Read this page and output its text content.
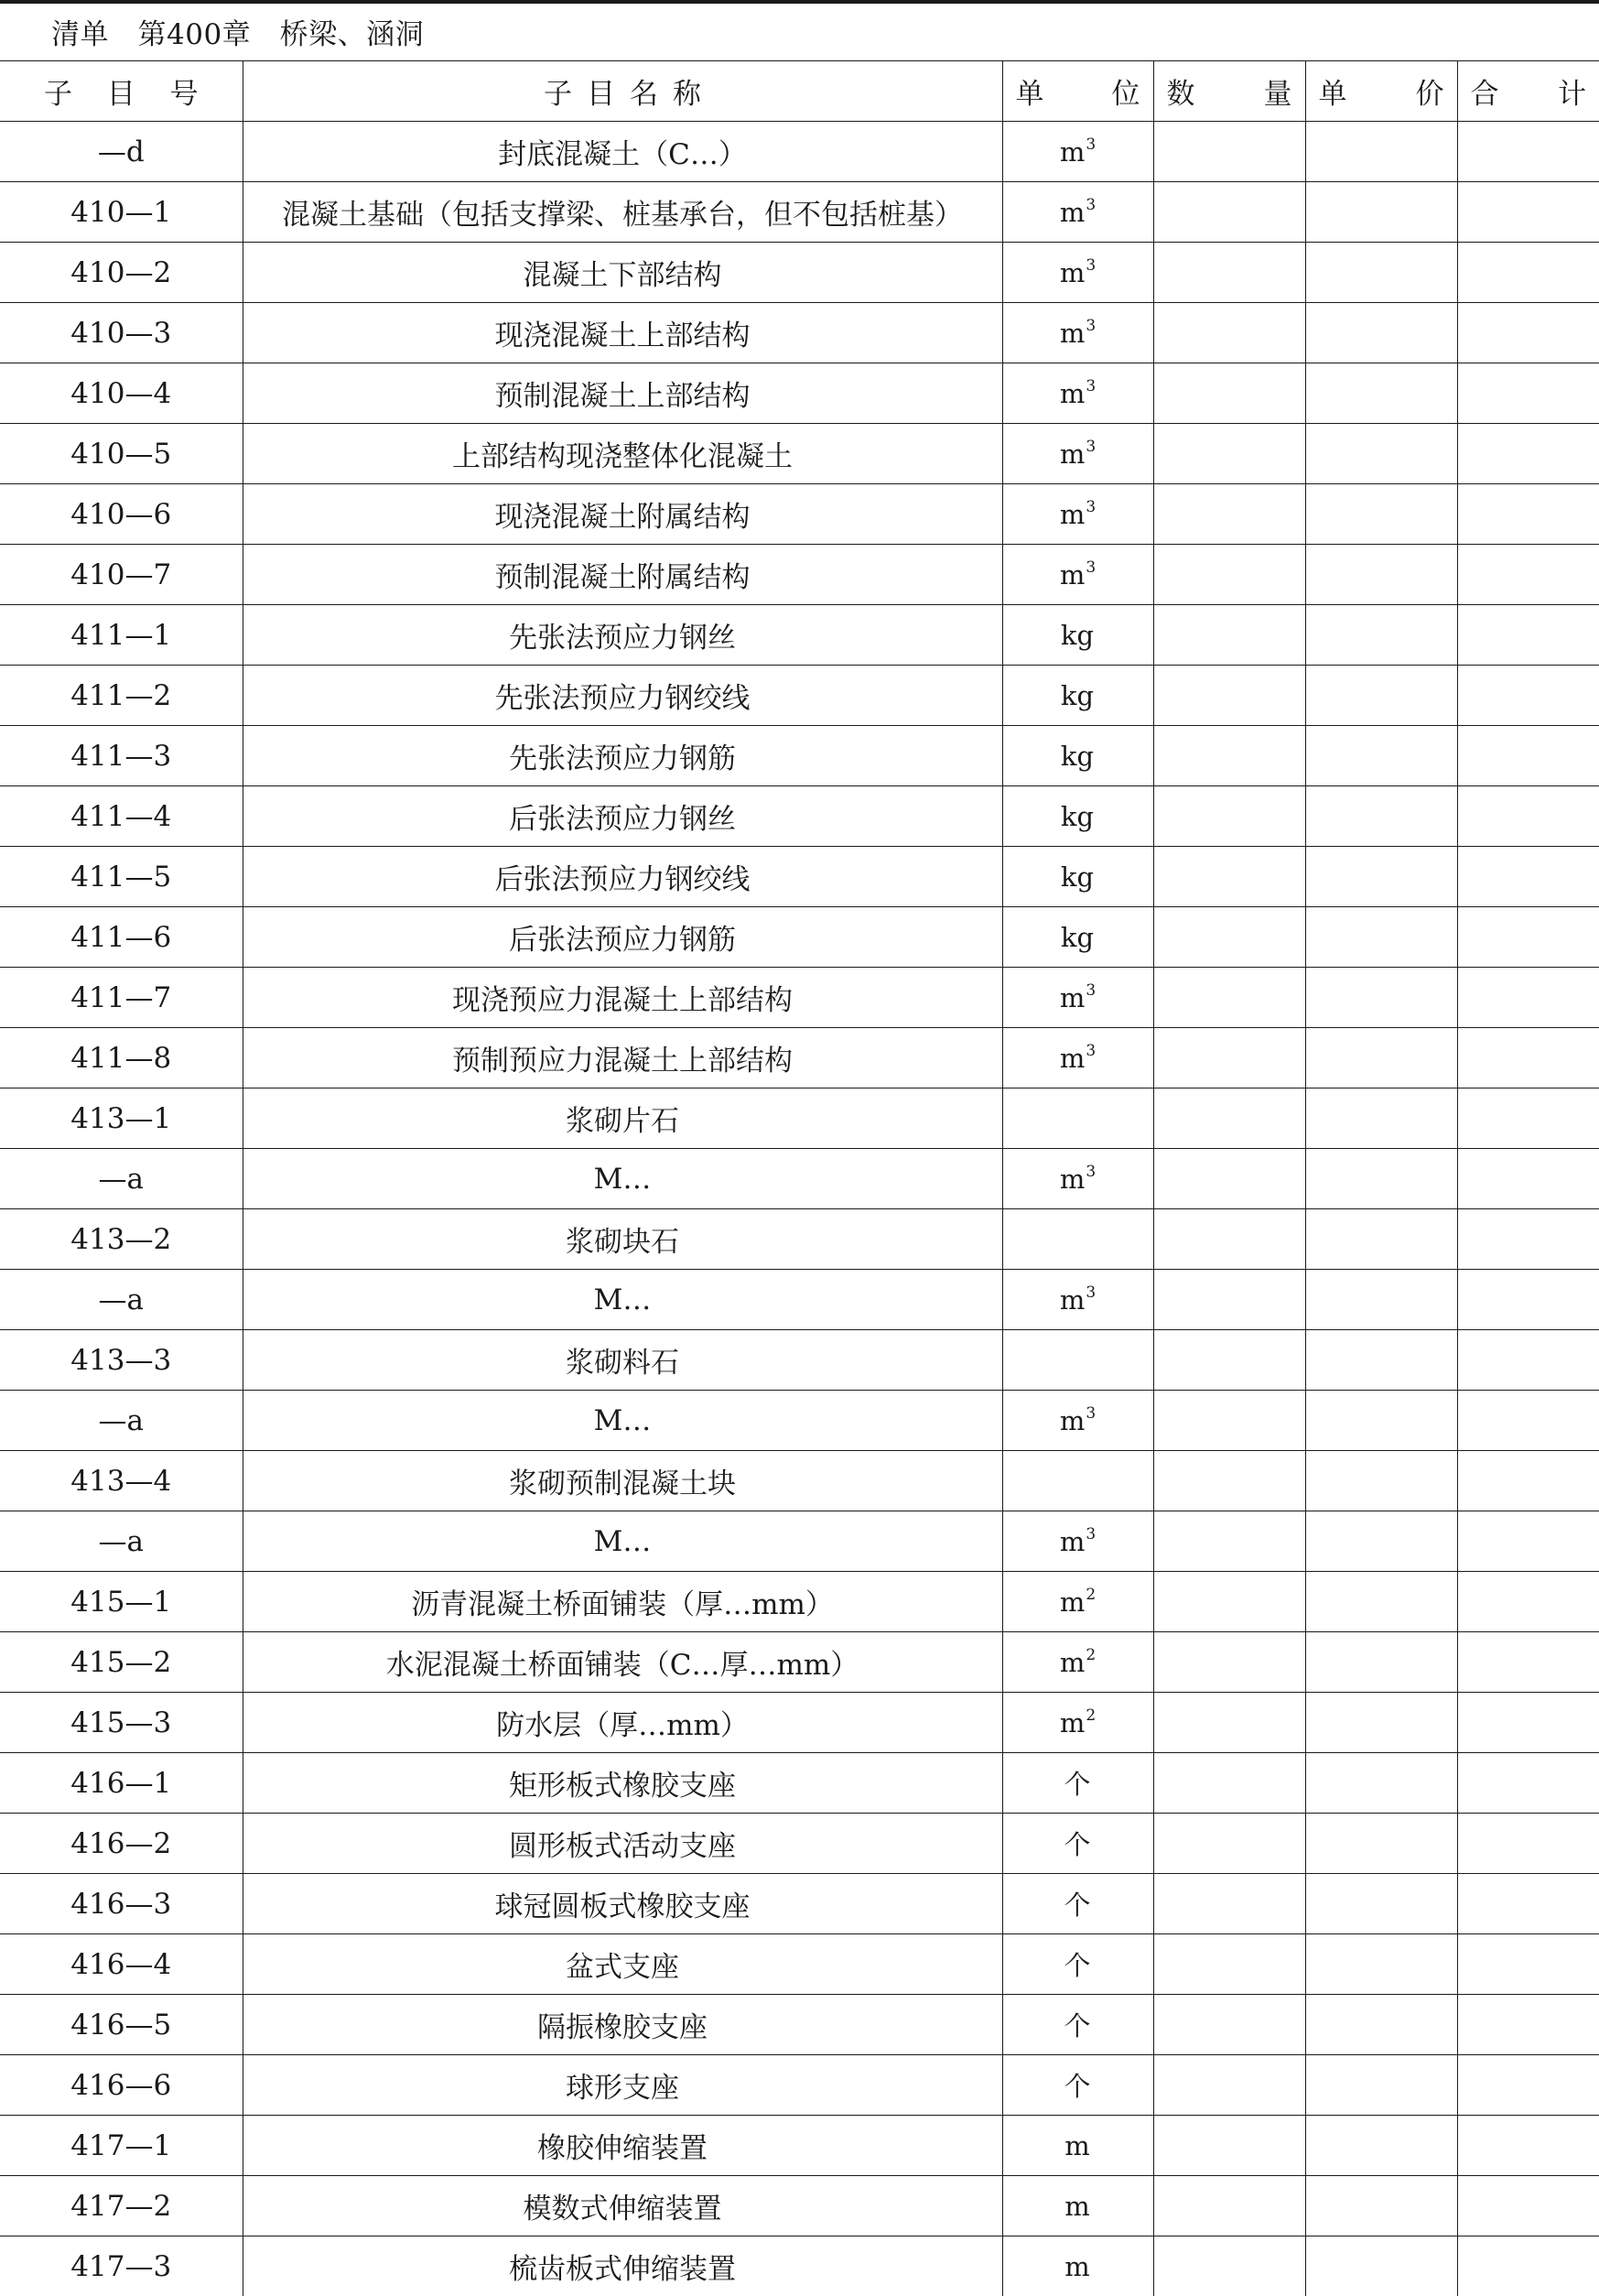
清单　第400章　桥梁、涵洞
子 目 号	子 目 名 称	单 位	数 量	单 价	合 计

—d	封底混凝土（C…）	$m^3$			
410—1	混凝土基础（包括支撑梁、桩基承台，但不包括桩基）	$m^3$			
410—2	混凝土下部结构	$m^3$			
410—3	现浇混凝土上部结构	$m^3$			
410—4	预制混凝土上部结构	$m^3$			
410—5	上部结构现浇整体化混凝土	$m^3$			
410—6	现浇混凝土附属结构	$m^3$			
410—7	预制混凝土附属结构	$m^3$			
411—1	先张法预应力钢丝	kg			
411—2	先张法预应力钢绞线	kg			
411—3	先张法预应力钢筋	kg			
411—4	后张法预应力钢丝	kg			
411—5	后张法预应力钢绞线	kg			
411—6	后张法预应力钢筋	kg			
411—7	现浇预应力混凝土上部结构	$m^3$			
411—8	预制预应力混凝土上部结构	$m^3$			
413—1	浆砌片石				
—a	M…	$m^3$			
413—2	浆砌块石				
—a	M…	$m^3$			
413—3	浆砌料石				
—a	M…	$m^3$			
413—4	浆砌预制混凝土块				
—a	M…	$m^3$			
415—1	沥青混凝土桥面铺装（厚…mm）	$m^2$			
415—2	水泥混凝土桥面铺装（C…厚…mm）	$m^2$			
415—3	防水层（厚…mm）	$m^2$			
416—1	矩形板式橡胶支座	个			
416—2	圆形板式活动支座	个			
416—3	球冠圆板式橡胶支座	个			
416—4	盆式支座	个			
416—5	隔振橡胶支座	个			
416—6	球形支座	个			
417—1	橡胶伸缩装置	m			
417—2	模数式伸缩装置	m			
417—3	梳齿板式伸缩装置	m			
